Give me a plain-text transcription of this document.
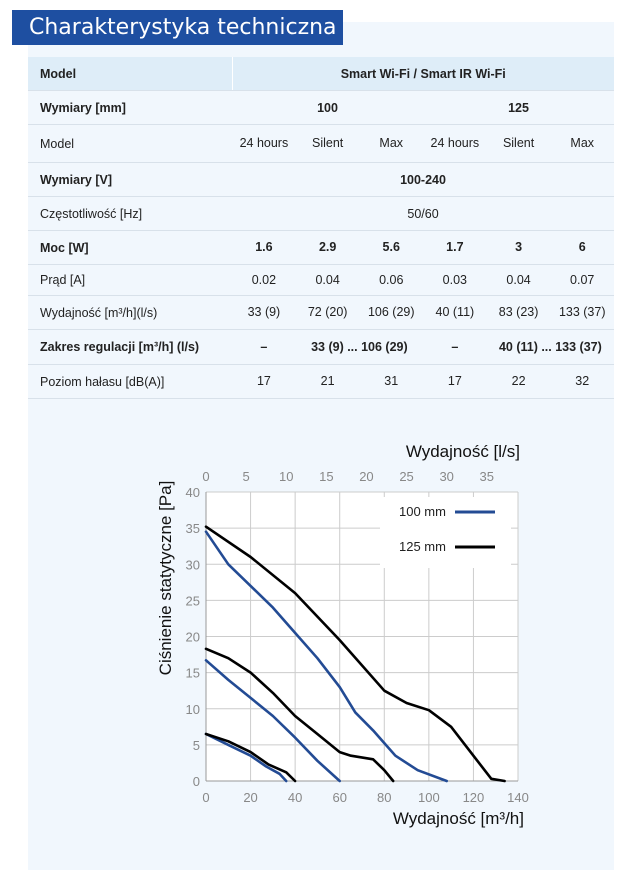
Charakterystyka techniczna
Model	Smart Wi-Fi / Smart IR Wi-Fi					
Wymiary [mm]	100			125		
Model	24 hours	Silent	Max	24 hours	Silent	Max
Wymiary [V]	100-240					
Częstotliwość [Hz]	50/60					
Moc [W]	1.6	2.9	5.6	1.7	3	6
Prąd [A]	0.02	0.04	0.06	0.03	0.04	0.07
Wydajność [m³/h](l/s)	33 (9)	72 (20)	106 (29)	40 (11)	83 (23)	133 (37)
Zakres regulacji [m³/h] (l/s)	–	33 (9) ... 106 (29)		–	40 (11) ... 133 (37)	
Poziom hałasu [dB(A)]	17	21	31	17	22	32
0
5
10
15
20
25
30
35
40
0	20 40 60 80 100 120 140
0	5 10 15 20 25 30 35
Wydajność [m³/h]
Wydajność [l/s]
Ciśnienie statytyczne [Pa]	100 mm
125 mm
